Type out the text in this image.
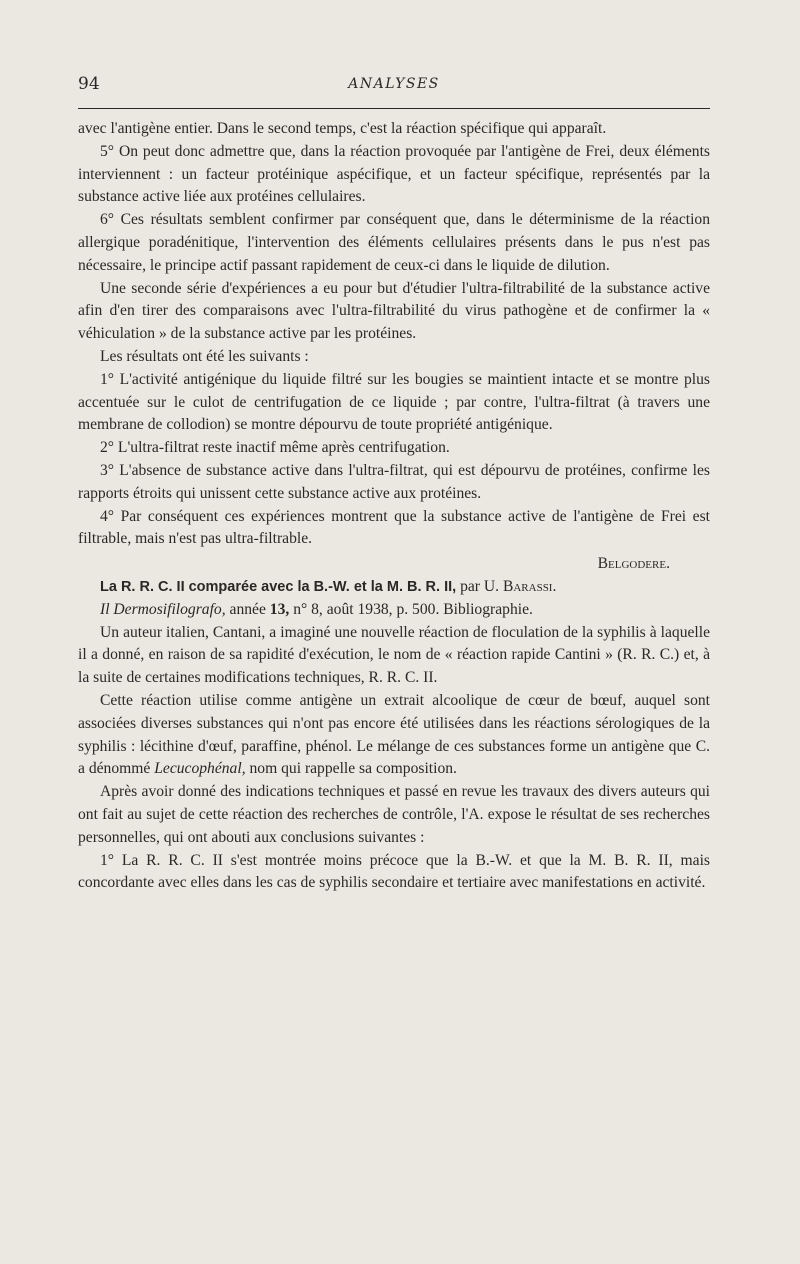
94	ANALYSES

avec l'antigène entier. Dans le second temps, c'est la réaction spécifique qui apparaît.

5° On peut donc admettre que, dans la réaction provoquée par l'antigène de Frei, deux éléments interviennent : un facteur protéinique aspécifique, et un facteur spécifique, représentés par la substance active liée aux protéines cellulaires.

6° Ces résultats semblent confirmer par conséquent que, dans le déterminisme de la réaction allergique poradénitique, l'intervention des éléments cellulaires présents dans le pus n'est pas nécessaire, le principe actif passant rapidement de ceux-ci dans le liquide de dilution.

Une seconde série d'expériences a eu pour but d'étudier l'ultra-filtrabilité de la substance active afin d'en tirer des comparaisons avec l'ultra-filtrabilité du virus pathogène et de confirmer la « véhiculation » de la substance active par les protéines.

Les résultats ont été les suivants :

1° L'activité antigénique du liquide filtré sur les bougies se maintient intacte et se montre plus accentuée sur le culot de centrifugation de ce liquide ; par contre, l'ultra-filtrat (à travers une membrane de collodion) se montre dépourvu de toute propriété antigénique.

2° L'ultra-filtrat reste inactif même après centrifugation.

3° L'absence de substance active dans l'ultra-filtrat, qui est dépourvu de protéines, confirme les rapports étroits qui unissent cette substance active aux protéines.

4° Par conséquent ces expériences montrent que la substance active de l'antigène de Frei est filtrable, mais n'est pas ultra-filtrable.

Belgodere.

La R. R. C. II comparée avec la B.-W. et la M. B. R. II, par U. Barassi.

Il Dermosifilografo, année 13, n° 8, août 1938, p. 500. Bibliographie.

Un auteur italien, Cantani, a imaginé une nouvelle réaction de floculation de la syphilis à laquelle il a donné, en raison de sa rapidité d'exécution, le nom de « réaction rapide Cantini » (R. R. C.) et, à la suite de certaines modifications techniques, R. R. C. II.

Cette réaction utilise comme antigène un extrait alcoolique de cœur de bœuf, auquel sont associées diverses substances qui n'ont pas encore été utilisées dans les réactions sérologiques de la syphilis : lécithine d'œuf, paraffine, phénol. Le mélange de ces substances forme un antigène que C. a dénommé Lecucophénal, nom qui rappelle sa composition.

Après avoir donné des indications techniques et passé en revue les travaux des divers auteurs qui ont fait au sujet de cette réaction des recherches de contrôle, l'A. expose le résultat de ses recherches personnelles, qui ont abouti aux conclusions suivantes :

1° La R. R. C. II s'est montrée moins précoce que la B.-W. et que la M. B. R. II, mais concordante avec elles dans les cas de syphilis secondaire et tertiaire avec manifestations en activité.
